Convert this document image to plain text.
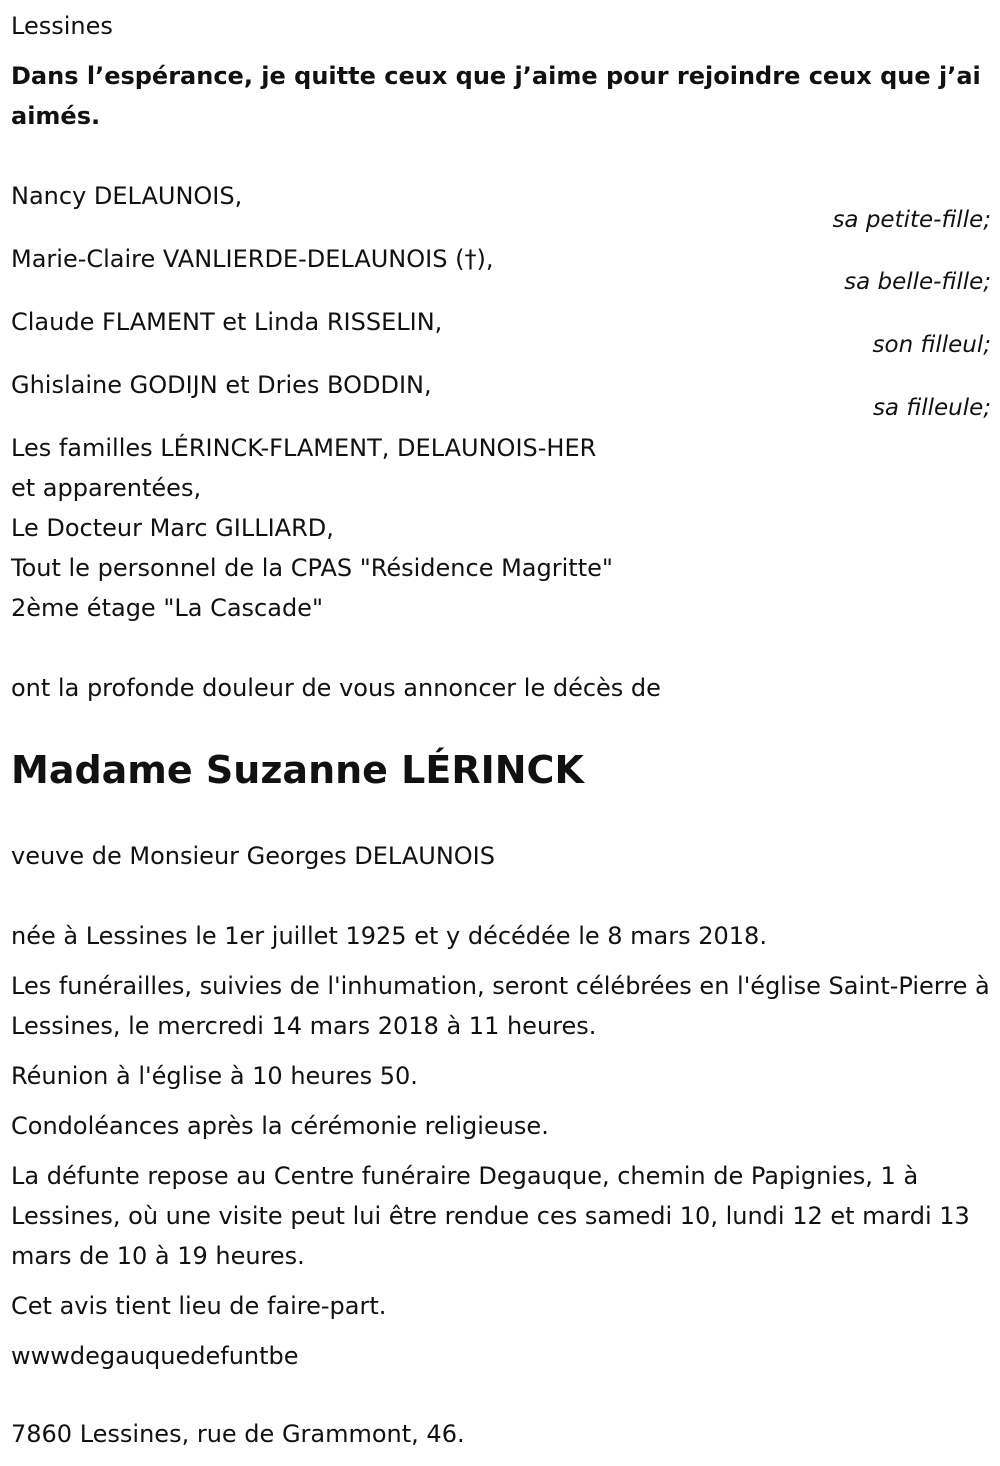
Lessines
Dans l’espérance, je quitte ceux que j’aime pour rejoindre ceux que j’ai aimés.
Nancy DELAUNOIS,
sa petite-fille;
Marie-Claire VANLIERDE-DELAUNOIS (†),
sa belle-fille;
Claude FLAMENT et Linda RISSELIN,
son filleul;
Ghislaine GODIJN et Dries BODDIN,
sa filleule;
Les familles LÉRINCK-FLAMENT, DELAUNOIS-HER
et apparentées,
Le Docteur Marc GILLIARD,
Tout le personnel de la CPAS "Résidence Magritte"
2ème étage "La Cascade"
ont la profonde douleur de vous annoncer le décès de
Madame Suzanne LÉRINCK
veuve de Monsieur Georges DELAUNOIS

née à Lessines le 1er juillet 1925 et y décédée le 8 mars 2018.

Les funérailles, suivies de l'inhumation, seront célébrées en l'église Saint-Pierre à Lessines, le mercredi 14 mars 2018 à 11 heures.

Réunion à l'église à 10 heures 50.

Condoléances après la cérémonie religieuse.

La défunte repose au Centre funéraire Degauque, chemin de Papignies, 1 à Lessines, où une visite peut lui être rendue ces samedi 10, lundi 12 et mardi 13 mars de 10 à 19 heures.

Cet avis tient lieu de faire-part.

wwwdegauquedefuntbe

7860 Lessines, rue de Grammont, 46.
